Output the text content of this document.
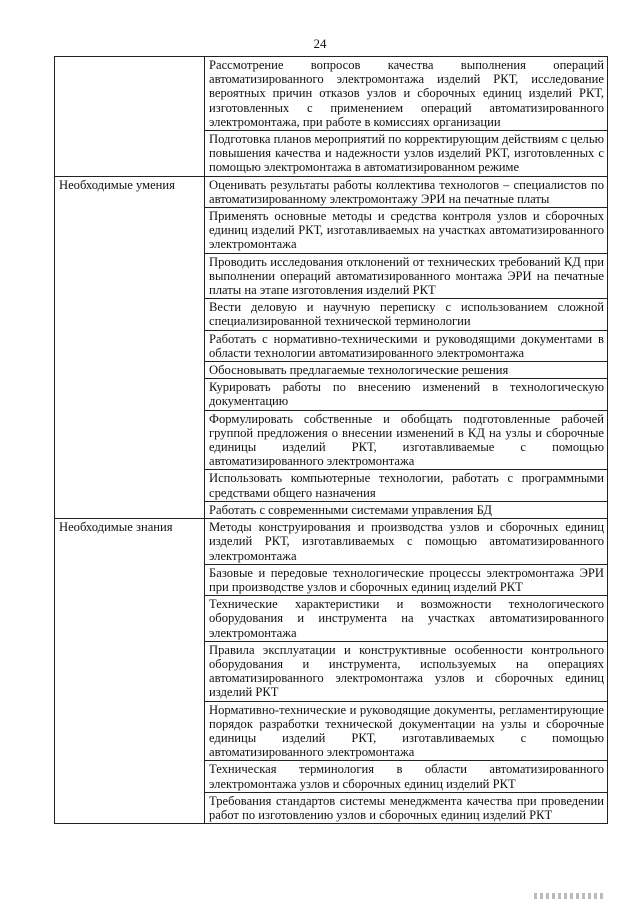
24
	Рассмотрение вопросов качества выполнения операций автоматизированного электромонтажа изделий РКТ, исследование вероятных причин отказов узлов и сборочных единиц изделий РКТ, изготовленных с применением операций автоматизированного электромонтажа, при работе в комиссиях организации
	Подготовка планов мероприятий по корректирующим действиям с целью повышения качества и надежности узлов изделий РКТ, изготовленных с помощью электромонтажа в автоматизированном режиме
Необходимые умения	Оценивать результаты работы коллектива технологов – специалистов по автоматизированному электромонтажу ЭРИ на печатные платы
	Применять основные методы и средства контроля узлов и сборочных единиц изделий РКТ, изготавливаемых на участках автоматизированного электромонтажа
	Проводить исследования отклонений от технических требований КД при выполнении операций автоматизированного монтажа ЭРИ на печатные платы на этапе изготовления изделий РКТ
	Вести деловую и научную переписку с использованием сложной специализированной технической терминологии
	Работать с нормативно-техническими и руководящими документами в области технологии автоматизированного электромонтажа
	Обосновывать предлагаемые технологические решения
	Курировать работы по внесению изменений в технологическую документацию
	Формулировать собственные и обобщать подготовленные рабочей группой предложения о внесении изменений в КД на узлы и сборочные единицы изделий РКТ, изготавливаемые с помощью автоматизированного электромонтажа
	Использовать компьютерные технологии, работать с программными средствами общего назначения
	Работать с современными системами управления БД
Необходимые знания	Методы конструирования и производства узлов и сборочных единиц изделий РКТ, изготавливаемых с помощью автоматизированного электромонтажа
	Базовые и передовые технологические процессы электромонтажа ЭРИ при производстве узлов и сборочных единиц изделий РКТ
	Технические характеристики и возможности технологического оборудования и инструмента на участках автоматизированного электромонтажа
	Правила эксплуатации и конструктивные особенности контрольного оборудования и инструмента, используемых на операциях автоматизированного электромонтажа узлов и сборочных единиц изделий РКТ
	Нормативно-технические и руководящие документы, регламентирующие порядок разработки технической документации на узлы и сборочные единицы изделий РКТ, изготавливаемых с помощью автоматизированного электромонтажа
	Техническая терминология в области автоматизированного электромонтажа узлов и сборочных единиц изделий РКТ
	Требования стандартов системы менеджмента качества при проведении работ по изготовлению узлов и сборочных единиц изделий РКТ
